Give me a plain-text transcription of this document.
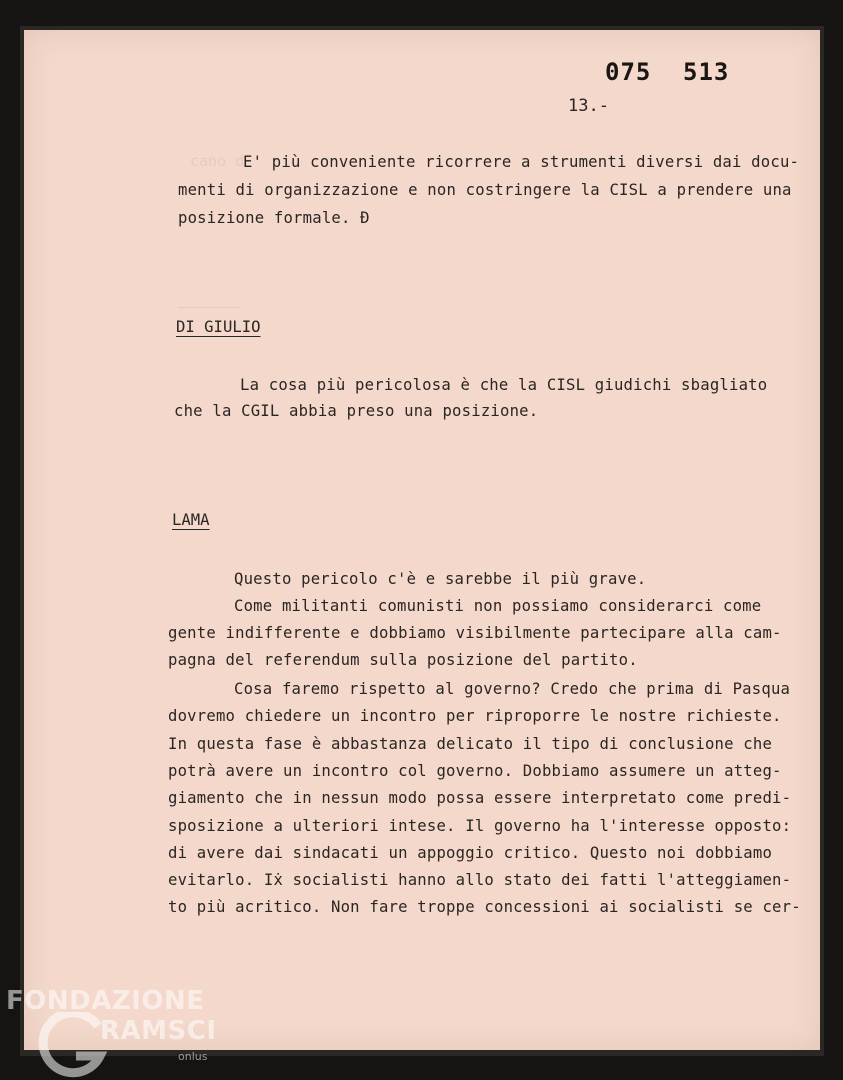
cano d

075 513
13.-
E' più conveniente ricorrere a strumenti diversi dai docu-
menti di organizzazione e non costringere la CISL a prendere una
posizione formale. Ð
DI GIULIO
La cosa più pericolosa è che la CISL giudichi sbagliato
che la CGIL abbia preso una posizione.
LAMA
Questo pericolo c'è e sarebbe il più grave.
Come militanti comunisti non possiamo considerarci come
gente indifferente e dobbiamo visibilmente partecipare alla cam-
pagna del referendum sulla posizione del partito.
Cosa faremo rispetto al governo? Credo che prima di Pasqua
dovremo chiedere un incontro per riproporre le nostre richieste.
In questa fase è abbastanza delicato il tipo di conclusione che
potrà avere un incontro col governo. Dobbiamo assumere un atteg-
giamento che in nessun modo possa essere interpretato come predi-
sposizione a ulteriori intese. Il governo ha l'interesse opposto:
di avere dai sindacati un appoggio critico. Questo noi dobbiamo
evitarlo. Iẋ socialisti hanno allo stato dei fatti l'atteggiamen-
to più acritico. Non fare troppe concessioni ai socialisti se cer-
FONDAZIONE
RAMSCI
onlus
